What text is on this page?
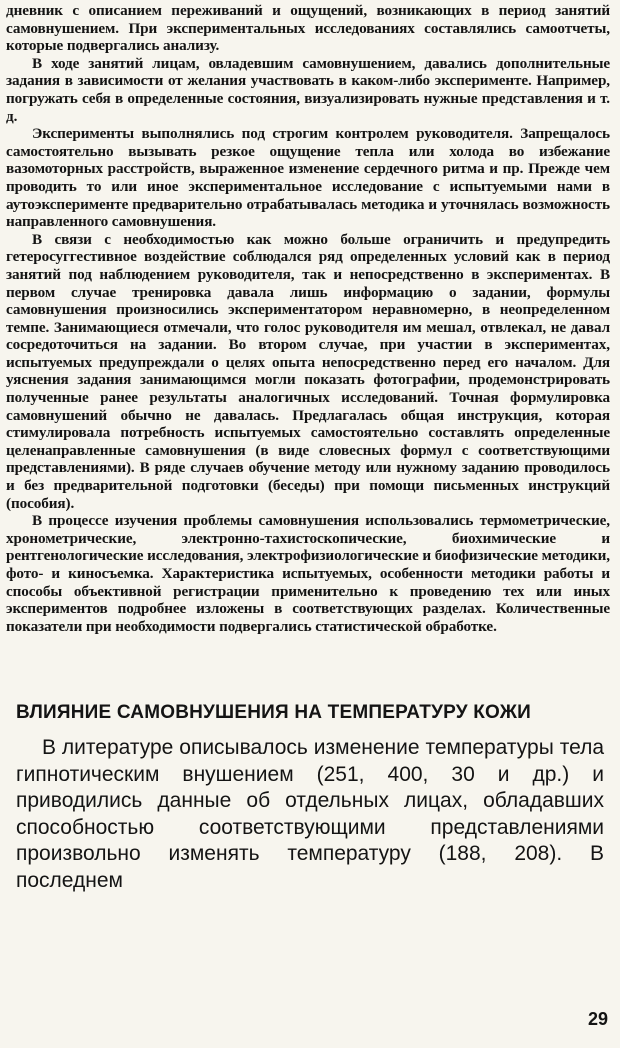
дневник с описанием переживаний и ощущений, возникающих в период занятий самовнушением. При экспериментальных исследованиях составлялись самоотчеты, которые подвергались анализу.

В ходе занятий лицам, овладевшим самовнушением, давались дополнительные задания в зависимости от желания участвовать в каком-либо эксперименте. Например, погружать себя в определенные состояния, визуализировать нужные представления и т. д.

Эксперименты выполнялись под строгим контролем руководителя. Запрещалось самостоятельно вызывать резкое ощущение тепла или холода во избежание вазомоторных расстройств, выраженное изменение сердечного ритма и пр. Прежде чем проводить то или иное экспериментальное исследование с испытуемыми нами в аутоэксперименте предварительно отрабатывалась методика и уточнялась возможность направленного самовнушения.

В связи с необходимостью как можно больше ограничить и предупредить гетеросуггестивное воздействие соблюдался ряд определенных условий как в период занятий под наблюдением руководителя, так и непосредственно в экспериментах. В первом случае тренировка давала лишь информацию о задании, формулы самовнушения произносились экспериментатором неравномерно, в неопределенном темпе. Занимающиеся отмечали, что голос руководителя им мешал, отвлекал, не давал сосредоточиться на задании. Во втором случае, при участии в экспериментах, испытуемых предупреждали о целях опыта непосредственно перед его началом. Для уяснения задания занимающимся могли показать фотографии, продемонстрировать полученные ранее результаты аналогичных исследований. Точная формулировка самовнушений обычно не давалась. Предлагалась общая инструкция, которая стимулировала потребность испытуемых самостоятельно составлять определенные целенаправленные самовнушения (в виде словесных формул с соответствующими представлениями). В ряде случаев обучение методу или нужному заданию проводилось и без предварительной подготовки (беседы) при помощи письменных инструкций (пособия).

В процессе изучения проблемы самовнушения использовались термометрические, хронометрические, электронно-тахистоскопические, биохимические и рентгенологические исследования, электрофизиологические и биофизические методики, фото- и киносъемка. Характеристика испытуемых, особенности методики работы и способы объективной регистрации применительно к проведению тех или иных экспериментов подробнее изложены в соответствующих разделах. Количественные показатели при необходимости подвергались статистической обработке.

ВЛИЯНИЕ САМОВНУШЕНИЯ НА ТЕМПЕРАТУРУ КОЖИ

В литературе описывалось изменение температуры тела гипнотическим внушением (251, 400, 30 и др.) и приводились данные об отдельных лицах, обладавших способностью соответствующими представлениями произвольно изменять температуру (188, 208). В последнем

29
